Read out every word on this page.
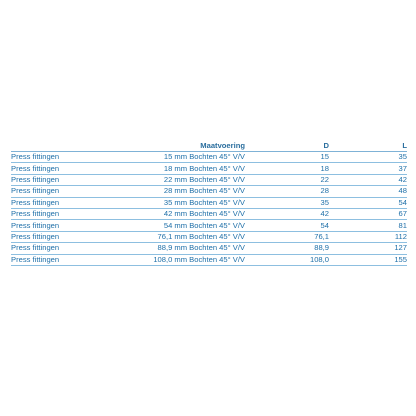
	Maatvoering	D	L
Press fittingen	15 mm Bochten 45° V/V	15	35
Press fittingen	18 mm Bochten 45° V/V	18	37
Press fittingen	22 mm Bochten 45° V/V	22	42
Press fittingen	28 mm Bochten 45° V/V	28	48
Press fittingen	35 mm Bochten 45° V/V	35	54
Press fittingen	42 mm Bochten 45° V/V	42	67
Press fittingen	54 mm Bochten 45° V/V	54	81
Press fittingen	76,1 mm Bochten 45° V/V	76,1	112
Press fittingen	88,9 mm Bochten 45° V/V	88,9	127
Press fittingen	108,0 mm Bochten 45° V/V	108,0	155
